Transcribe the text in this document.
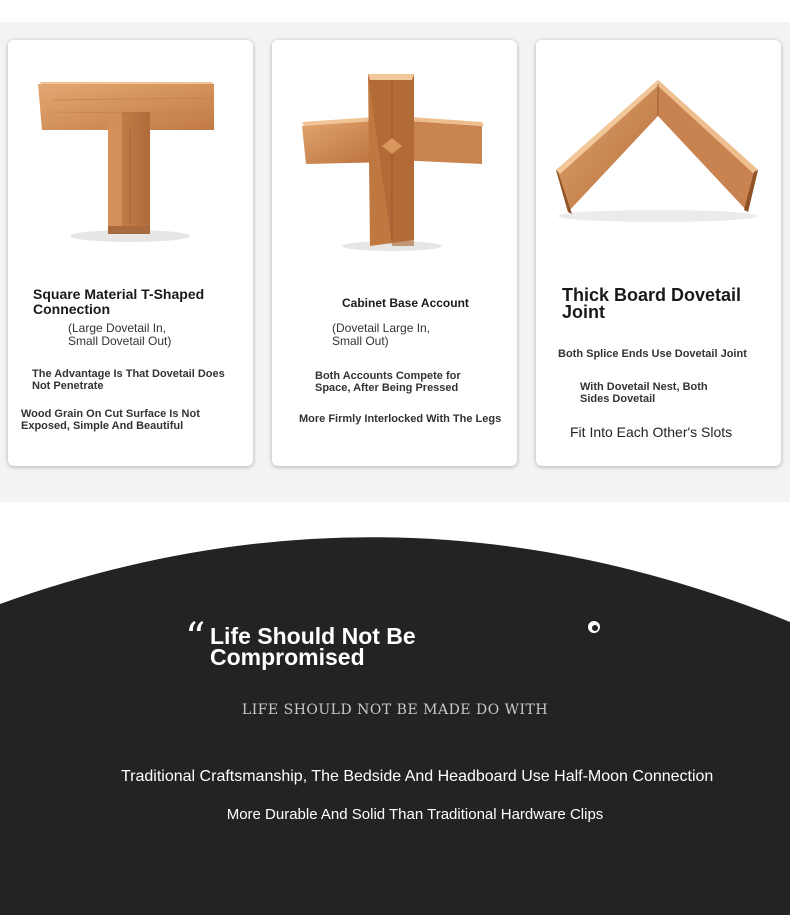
Square Material T-Shaped Connection

(Large Dovetail In, Small Dovetail Out)

The Advantage Is That Dovetail Does Not Penetrate

Wood Grain On Cut Surface Is Not Exposed, Simple And Beautiful

Cabinet Base Account

(Dovetail Large In, Small Out)

Both Accounts Compete for Space, After Being Pressed

More Firmly Interlocked With The Legs

Thick Board Dovetail Joint

Both Splice Ends Use Dovetail Joint

With Dovetail Nest, Both Sides Dovetail

Fit Into Each Other's Slots

“ Life Should Not Be Compromised

LIFE SHOULD NOT BE MADE DO WITH

Traditional Craftsmanship, The Bedside And Headboard Use Half-Moon Connection

More Durable And Solid Than Traditional Hardware Clips
